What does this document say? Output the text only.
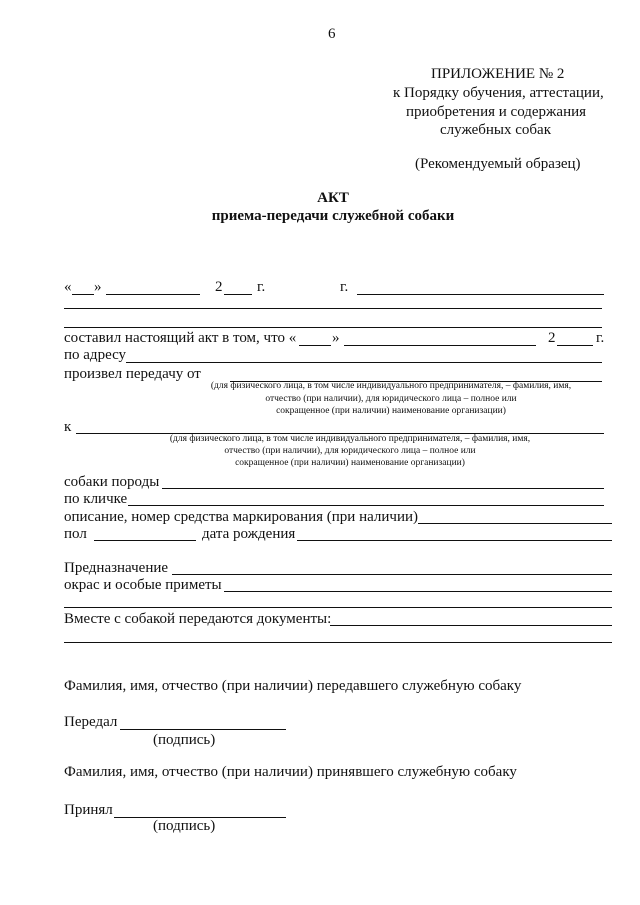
6
ПРИЛОЖЕНИЕ № 2
к Порядку обучения, аттестации,
приобретения и содержания
служебных собак
(Рекомендуемый образец)
АКТ
приема-передачи служебной собаки
« »	2 г.	г.
составил настоящий акт в том, что « »	2	г.
по адресу
произвел передачу от
(для физического лица, в том числе индивидуального предпринимателя, – фамилия, имя,
отчество (при наличии), для юридического лица – полное или
сокращенное (при наличии) наименование организации)
к
(для физического лица, в том числе индивидуального предпринимателя, – фамилия, имя,
отчество (при наличии), для юридического лица – полное или
сокращенное (при наличии) наименование организации)
собаки породы
по кличке
описание, номер средства маркирования (при наличии)
пол	дата рождения
Предназначение
окрас и особые приметы
Вместе с собакой передаются документы:
Фамилия, имя, отчество (при наличии) передавшего служебную собаку
Передал
(подпись)
Фамилия, имя, отчество (при наличии) принявшего служебную собаку
Принял
(подпись)
